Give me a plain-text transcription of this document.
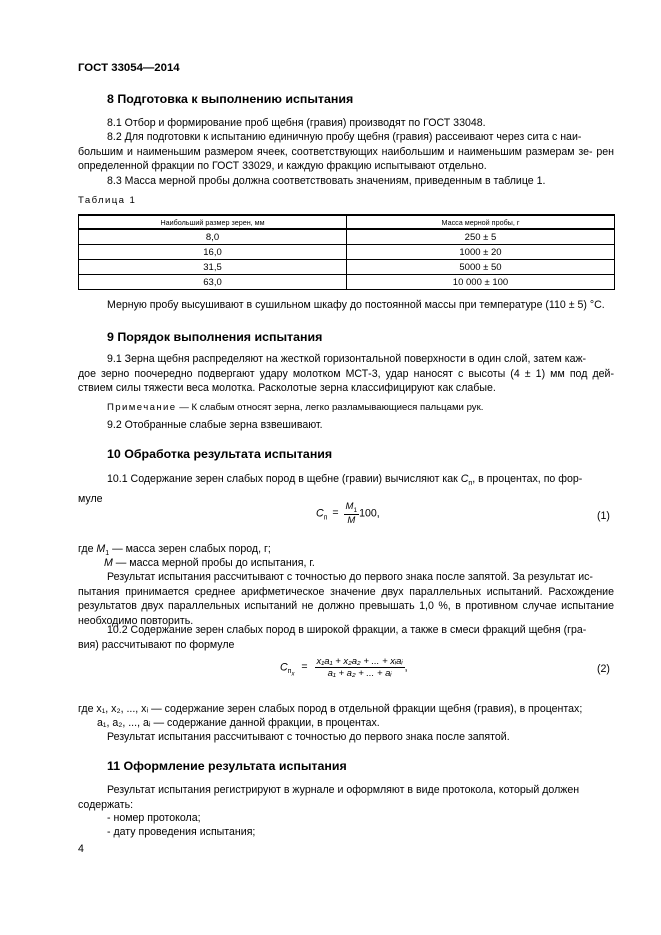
ГОСТ 33054—2014
8 Подготовка к выполнению испытания
8.1 Отбор и формирование проб щебня (гравия) производят по ГОСТ 33048.
8.2 Для подготовки к испытанию единичную пробу щебня (гравия) рассеивают через сита с наи-
большим и наименьшим размером ячеек, соответствующих наибольшим и наименьшим размерам зе- рен определенной фракции по ГОСТ 33029, и каждую фракцию испытывают отдельно.
8.3 Масса мерной пробы должна соответствовать значениям, приведенным в таблице 1.
Таблица 1
Наибольший размер зерен, мм	Масса мерной пробы, г
8,0	250 ± 5
16,0	1000 ± 20
31,5	5000 ± 50
63,0	10 000 ± 100
Мерную пробу высушивают в сушильном шкафу до постоянной массы при температуре (110 ± 5) °С.
9 Порядок выполнения испытания
9.1 Зерна щебня распределяют на жесткой горизонтальной поверхности в один слой, затем каж-
дое зерно поочередно подвергают удару молотком МСТ-3, удар наносят с высоты (4 ± 1) мм под дей- ствием силы тяжести веса молотка. Расколотые зерна классифицируют как слабые.
Примечание — К слабым относят зерна, легко разламывающиеся пальцами рук.
9.2 Отобранные слабые зерна взвешивают.
10 Обработка результата испытания
10.1 Содержание зерен слабых пород в щебне (гравии) вычисляют как $С_п$, в процентах, по фор-
муле
$С_п = \frac{M_1}{M} 100$,	(1)
где $M_1$ — масса зерен слабых пород, г;
M — масса мерной пробы до испытания, г.
Результат испытания рассчитывают с точностью до первого знака после запятой. За результат ис-
пытания принимается среднее арифметическое значение двух параллельных испытаний. Расхождение результатов двух параллельных испытаний не должно превышать 1,0 %, в противном случае испытание необходимо повторить.
10.2 Содержание зерен слабых пород в широкой фракции, а также в смеси фракций щебня (гра-
вия) рассчитывают по формуле
$С_{п_x} = \frac{\text{x₁a₁ + x₂a₂ + ... + xᵢaᵢ}}{\text{a₁ + a₂ + ... + aᵢ}}$ ,	(2)
где x₁, x₂, ..., xᵢ — содержание зерен слабых пород в отдельной фракции щебня (гравия), в процентах;
a₁, a₂, ..., aᵢ — содержание данной фракции, в процентах.
Результат испытания рассчитывают с точностью до первого знака после запятой.
11 Оформление результата испытания
Результат испытания регистрируют в журнале и оформляют в виде протокола, который должен
содержать:
- номер протокола;
- дату проведения испытания;
4
